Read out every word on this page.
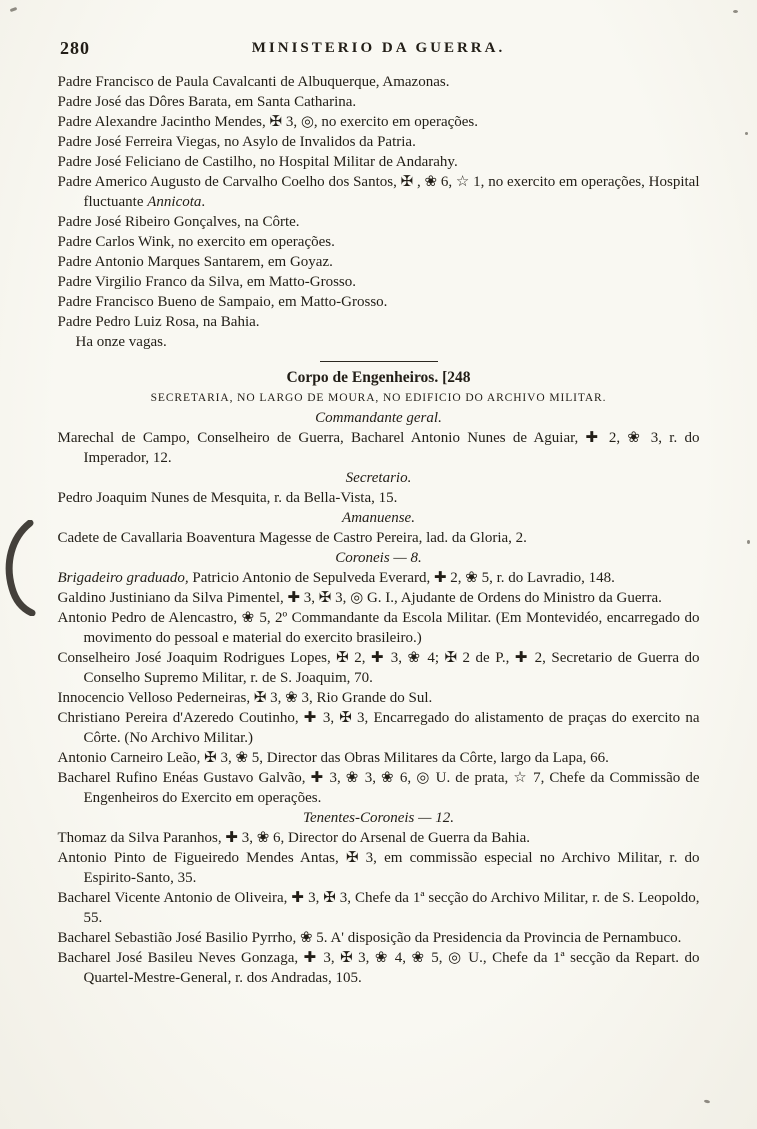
280	MINISTERIO DA GUERRA.

Padre Francisco de Paula Cavalcanti de Albuquerque, Amazonas.

Padre José das Dôres Barata, em Santa Catharina.

Padre Alexandre Jacintho Mendes, ✠ 3, ◎, no exercito em operações.

Padre José Ferreira Viegas, no Asylo de Invalidos da Patria.

Padre José Feliciano de Castilho, no Hospital Militar de Andarahy.

Padre Americo Augusto de Carvalho Coelho dos Santos, ✠ , ❀ 6, ☆ 1, no exercito em operações, Hospital fluctuante Annicota.

Padre José Ribeiro Gonçalves, na Côrte.

Padre Carlos Wink, no exercito em operações.

Padre Antonio Marques Santarem, em Goyaz.

Padre Virgilio Franco da Silva, em Matto-Grosso.

Padre Francisco Bueno de Sampaio, em Matto-Grosso.

Padre Pedro Luiz Rosa, na Bahia.

Ha onze vagas.

Corpo de Engenheiros. [248

SECRETARIA, NO LARGO DE MOURA, NO EDIFICIO DO ARCHIVO MILITAR.

Commandante geral.

Marechal de Campo, Conselheiro de Guerra, Bacharel Antonio Nunes de Aguiar, ✚ 2, ❀ 3, r. do Imperador, 12.

Secretario.

Pedro Joaquim Nunes de Mesquita, r. da Bella-Vista, 15.

Amanuense.

Cadete de Cavallaria Boaventura Magesse de Castro Pereira, lad. da Gloria, 2.

Coroneis — 8.

Brigadeiro graduado, Patricio Antonio de Sepulveda Everard, ✚ 2, ❀ 5, r. do Lavradio, 148.

Galdino Justiniano da Silva Pimentel, ✚ 3, ✠ 3, ◎ G. I., Ajudante de Ordens do Ministro da Guerra.

Antonio Pedro de Alencastro, ❀ 5, 2º Commandante da Escola Militar. (Em Montevidéo, encarregado do movimento do pessoal e material do exercito brasileiro.)

Conselheiro José Joaquim Rodrigues Lopes, ✠ 2, ✚ 3, ❀ 4; ✠ 2 de P., ✚ 2, Secretario de Guerra do Conselho Supremo Militar, r. de S. Joaquim, 70.

Innocencio Velloso Pederneiras, ✠ 3, ❀ 3, Rio Grande do Sul.

Christiano Pereira d'Azeredo Coutinho, ✚ 3, ✠ 3, Encarregado do alistamento de praças do exercito na Côrte. (No Archivo Militar.)

Antonio Carneiro Leão, ✠ 3, ❀ 5, Director das Obras Militares da Côrte, largo da Lapa, 66.

Bacharel Rufino Enéas Gustavo Galvão, ✚ 3, ❀ 3, ❀ 6, ◎ U. de prata, ☆ 7, Chefe da Commissão de Engenheiros do Exercito em operações.

Tenentes-Coroneis — 12.

Thomaz da Silva Paranhos, ✚ 3, ❀ 6, Director do Arsenal de Guerra da Bahia.

Antonio Pinto de Figueiredo Mendes Antas, ✠ 3, em commissão especial no Archivo Militar, r. do Espirito-Santo, 35.

Bacharel Vicente Antonio de Oliveira, ✚ 3, ✠ 3, Chefe da 1ª secção do Archivo Militar, r. de S. Leopoldo, 55.

Bacharel Sebastião José Basilio Pyrrho, ❀ 5. A' disposição da Presidencia da Provincia de Pernambuco.

Bacharel José Basileu Neves Gonzaga, ✚ 3, ✠ 3, ❀ 4, ❀ 5, ◎ U., Chefe da 1ª secção da Repart. do Quartel-Mestre-General, r. dos Andradas, 105.
